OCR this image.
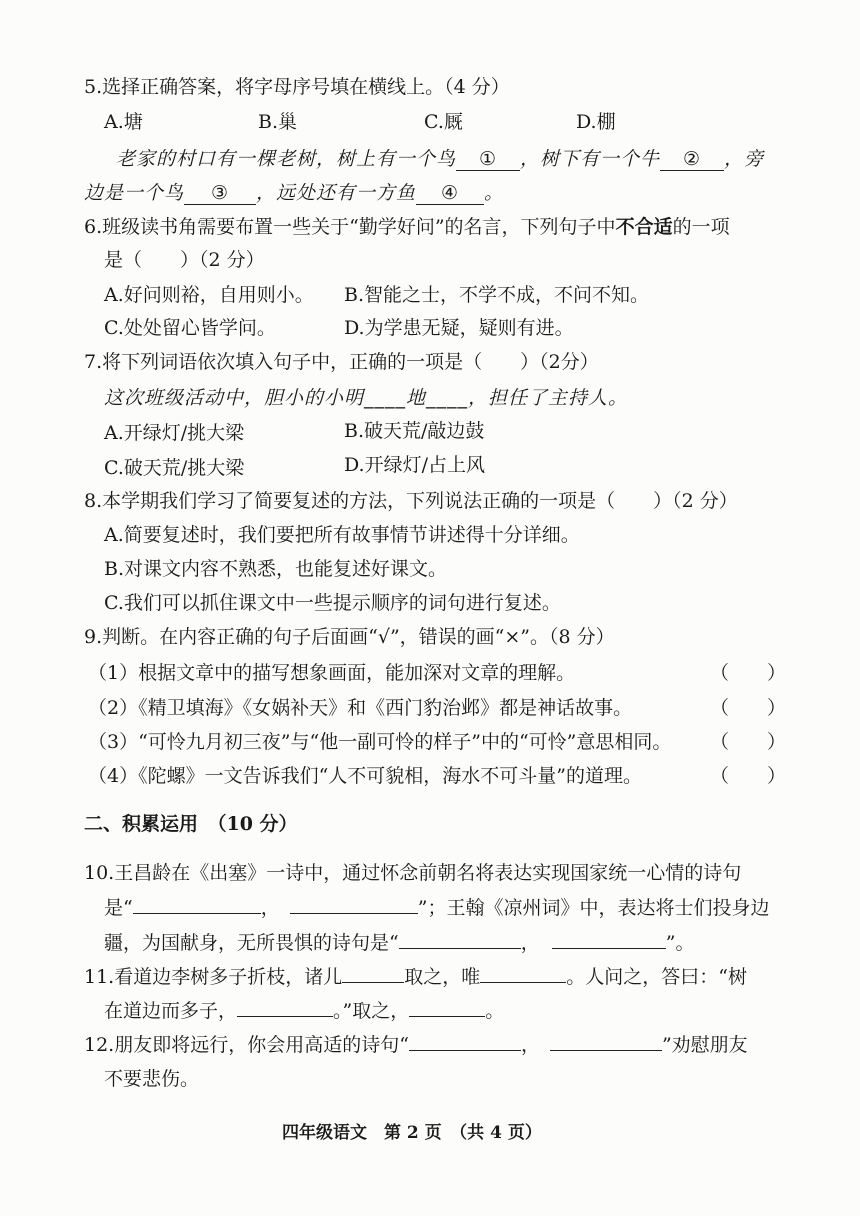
5.选择正确答案，将字母序号填在横线上。（4 分）
A.塘	B.巢	C.厩	D.棚
老家的村口有一棵老树，树上有一个鸟 ① ，树下有一个牛 ② ，旁
边是一个鸟 ③ ，远处还有一方鱼 ④ 。
6.班级读书角需要布置一些关于“勤学好问”的名言，下列句子中不合适的一项
是（　　）（2 分）
A.好问则裕，自用则小。 B.智能之士，不学不成，不问不知。
C.处处留心皆学问。	D.为学患无疑，疑则有进。
7.将下列词语依次填入句子中，正确的一项是（　　）（2分）
这次班级活动中，胆小的小明____地____，担任了主持人。
A.开绿灯/挑大梁	B.破天荒/敲边鼓
C.破天荒/挑大梁	D.开绿灯/占上风
8.本学期我们学习了简要复述的方法，下列说法正确的一项是（　　）（2 分）
A.简要复述时，我们要把所有故事情节讲述得十分详细。
B.对课文内容不熟悉，也能复述好课文。
C.我们可以抓住课文中一些提示顺序的词句进行复述。
9.判断。在内容正确的句子后面画“√”，错误的画“×”。（8 分）
（1）根据文章中的描写想象画面，能加深对文章的理解。	（　　）
（2）《精卫填海》《女娲补天》和《西门豹治邺》都是神话故事。	（　　）
（3）“可怜九月初三夜”与“他一副可怜的样子”中的“可怜”意思相同。 （　　）
（4）《陀螺》一文告诉我们“人不可貌相，海水不可斗量”的道理。	（　　）
二、积累运用　（10 分）
10.王昌龄在《出塞》一诗中，通过怀念前朝名将表达实现国家统一心情的诗句
是“	，	”；王翰《凉州词》中，表达将士们投身边
疆，为国献身，无所畏惧的诗句是“	，	”。
11.看道边李树多子折枝，诸儿	取之，唯	。人问之，答曰：“树
在道边而多子，	。”取之，	。
12.朋友即将远行，你会用高适的诗句“	，	”劝慰朋友
不要悲伤。
四年级语文　第 2 页　（共 4 页）
